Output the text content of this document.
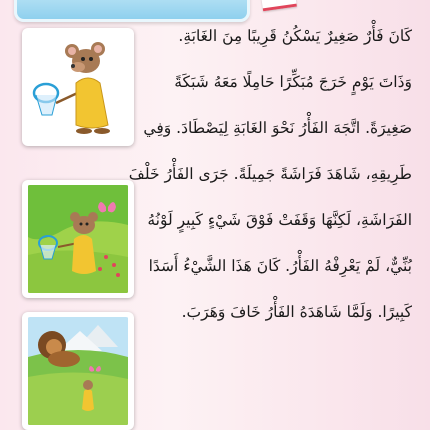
كَانَ فَأْرٌ صَغِيرٌ يَسْكُنُ قَرِيبًا مِنَ الغَابَةِ.
وَذَاتَ يَوْمٍ خَرَجَ مُبَكِّرًا حَامِلًا مَعَهُ شَبَكَةً
صَغِيرَةً. اتَّجَهَ الفَأْرُ نَحْوَ الغَابَةِ لِيَصْطَادَ. وَفِي
طَرِيقِهِ، شَاهَدَ فَرَاشَةً جَمِيلَةً. جَرَى الفَأْرُ خَلْفَ
الفَرَاشَةِ، لَكِنَّهَا وَقَفَتْ فَوْقَ شَيْءٍ كَبِيرٍ لَوْنُهُ
بُنِّيٌّ، لَمْ يَعْرِفْهُ الفَأْرُ. كَانَ هَذَا الشَّيْءُ أَسَدًا
كَبِيرًا. وَلَمَّا شَاهَدَهُ الفَأْرُ خَافَ وَهَرَبَ.
